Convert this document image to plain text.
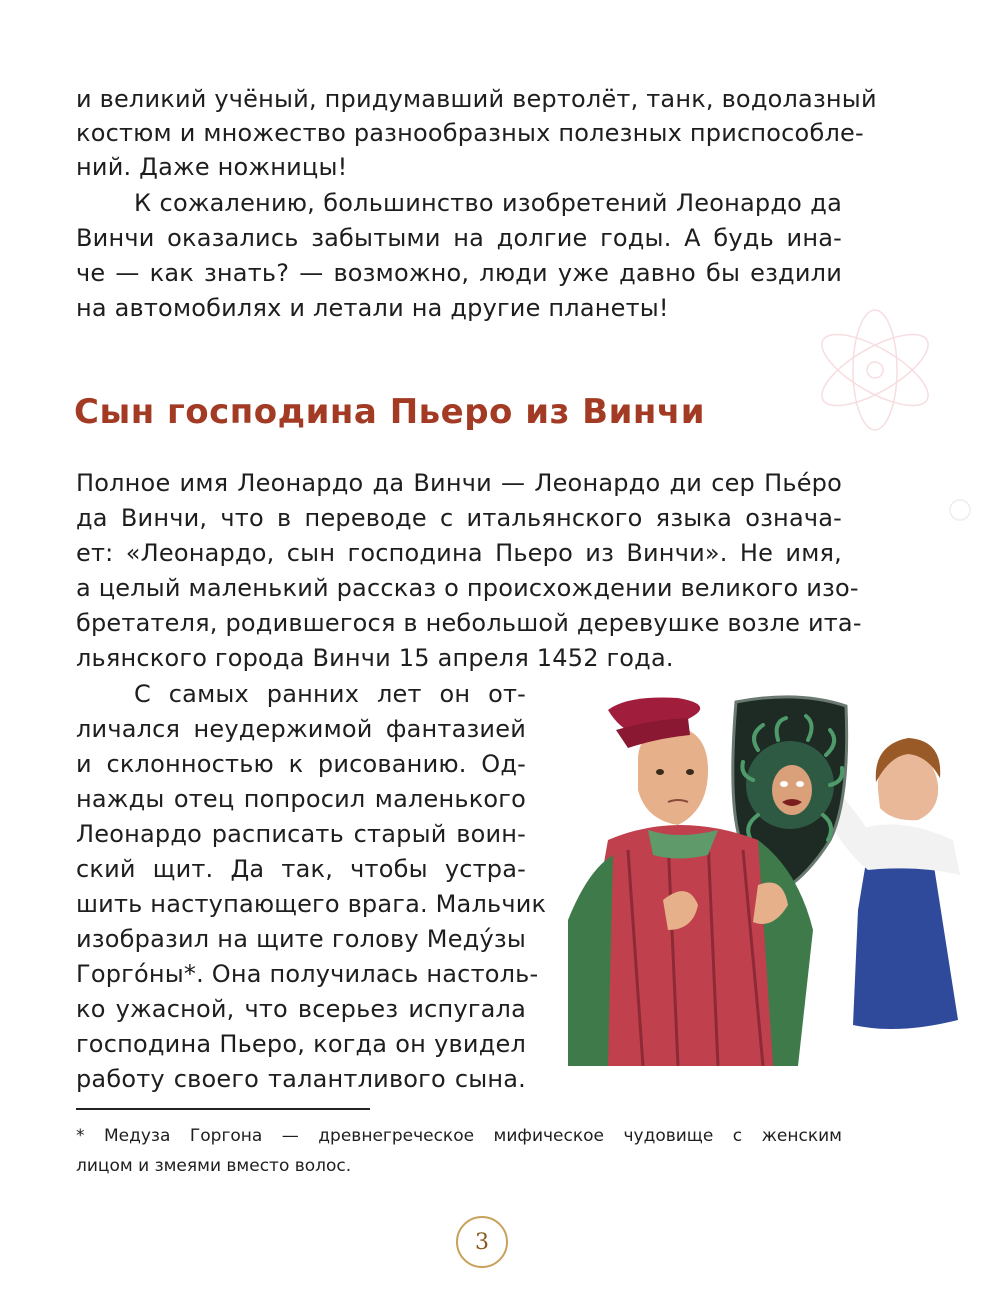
и великий учёный, придумавший вертолёт, танк, водолазный
костюм и множество разнообразных полезных приспособле-
ний. Даже ножницы!
К сожалению, большинство изобретений Леонардо да
Винчи оказались забытыми на долгие годы. А будь ина-
че — как знать? — возможно, люди уже давно бы ездили
на автомобилях и летали на другие планеты!
Сын господина Пьеро из Винчи
Полное имя Леонардо да Винчи — Леонардо ди сер Пьéро
да Винчи, что в переводе с итальянского языка означа-
ет: «Леонардо, сын господина Пьеро из Винчи». Не имя,
а целый маленький рассказ о происхождении великого изо-
бретателя, родившегося в небольшой деревушке возле ита-
льянского города Винчи 15 апреля 1452 года.
С самых ранних лет он от-
личался неудержимой фантазией
и склонностью к рисованию. Од-
нажды отец попросил маленького
Леонардо расписать старый воин-
ский щит. Да так, чтобы устра-
шить наступающего врага. Мальчик
изобразил на щите голову Меду́зы
Горго́ны*. Она получилась настоль-
ко ужасной, что всерьез испугала
господина Пьеро, когда он увидел
работу своего талантливого сына.
* Медуза Горгона — древнегреческое мифическое чудовище с женским
лицом и змеями вместо волос.
3
